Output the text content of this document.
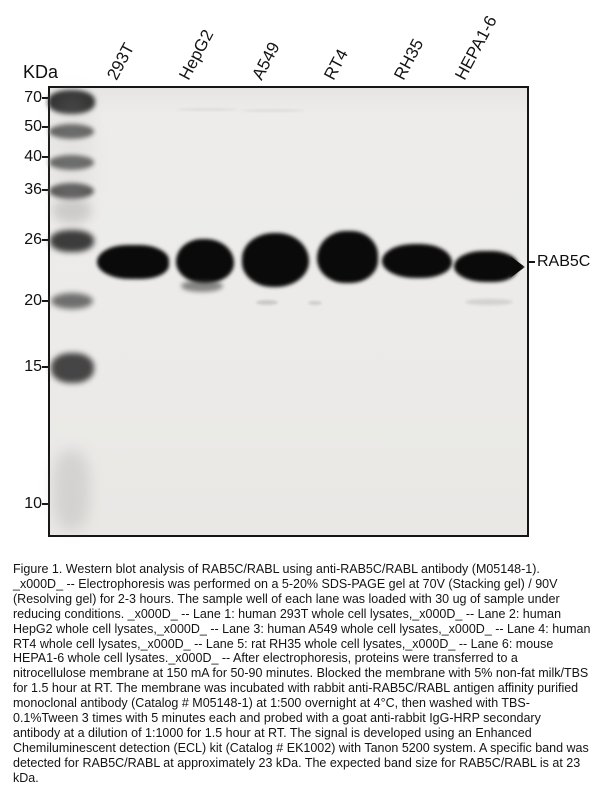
KDa
70
50
40
36
26
20
15
10
293T HepG2 A549 RT4 RH35 HEPA1-6
RAB5C
Figure 1. Western blot analysis of RAB5C/RABL using anti-RAB5C/RABL antibody (M05148-1). _x000D_ -- Electrophoresis was performed on a 5-20% SDS-PAGE gel at 70V (Stacking gel) / 90V (Resolving gel) for 2-3 hours. The sample well of each lane was loaded with 30 ug of sample under reducing conditions. _x000D_ -- Lane 1: human 293T whole cell lysates,_x000D_ -- Lane 2: human HepG2 whole cell lysates,_x000D_ -- Lane 3: human A549 whole cell lysates,_x000D_ -- Lane 4: human RT4 whole cell lysates,_x000D_ -- Lane 5: rat RH35 whole cell lysates,_x000D_ -- Lane 6: mouse HEPA1-6 whole cell lysates._x000D_ -- After electrophoresis, proteins were transferred to a nitrocellulose membrane at 150 mA for 50-90 minutes. Blocked the membrane with 5% non-fat milk/TBS for 1.5 hour at RT. The membrane was incubated with rabbit anti-RAB5C/RABL antigen affinity purified monoclonal antibody (Catalog # M05148-1) at 1:500 overnight at 4°C, then washed with TBS-0.1%Tween 3 times with 5 minutes each and probed with a goat anti-rabbit IgG-HRP secondary antibody at a dilution of 1:1000 for 1.5 hour at RT. The signal is developed using an Enhanced Chemiluminescent detection (ECL) kit (Catalog # EK1002) with Tanon 5200 system. A specific band was detected for RAB5C/RABL at approximately 23 kDa. The expected band size for RAB5C/RABL is at 23 kDa.
